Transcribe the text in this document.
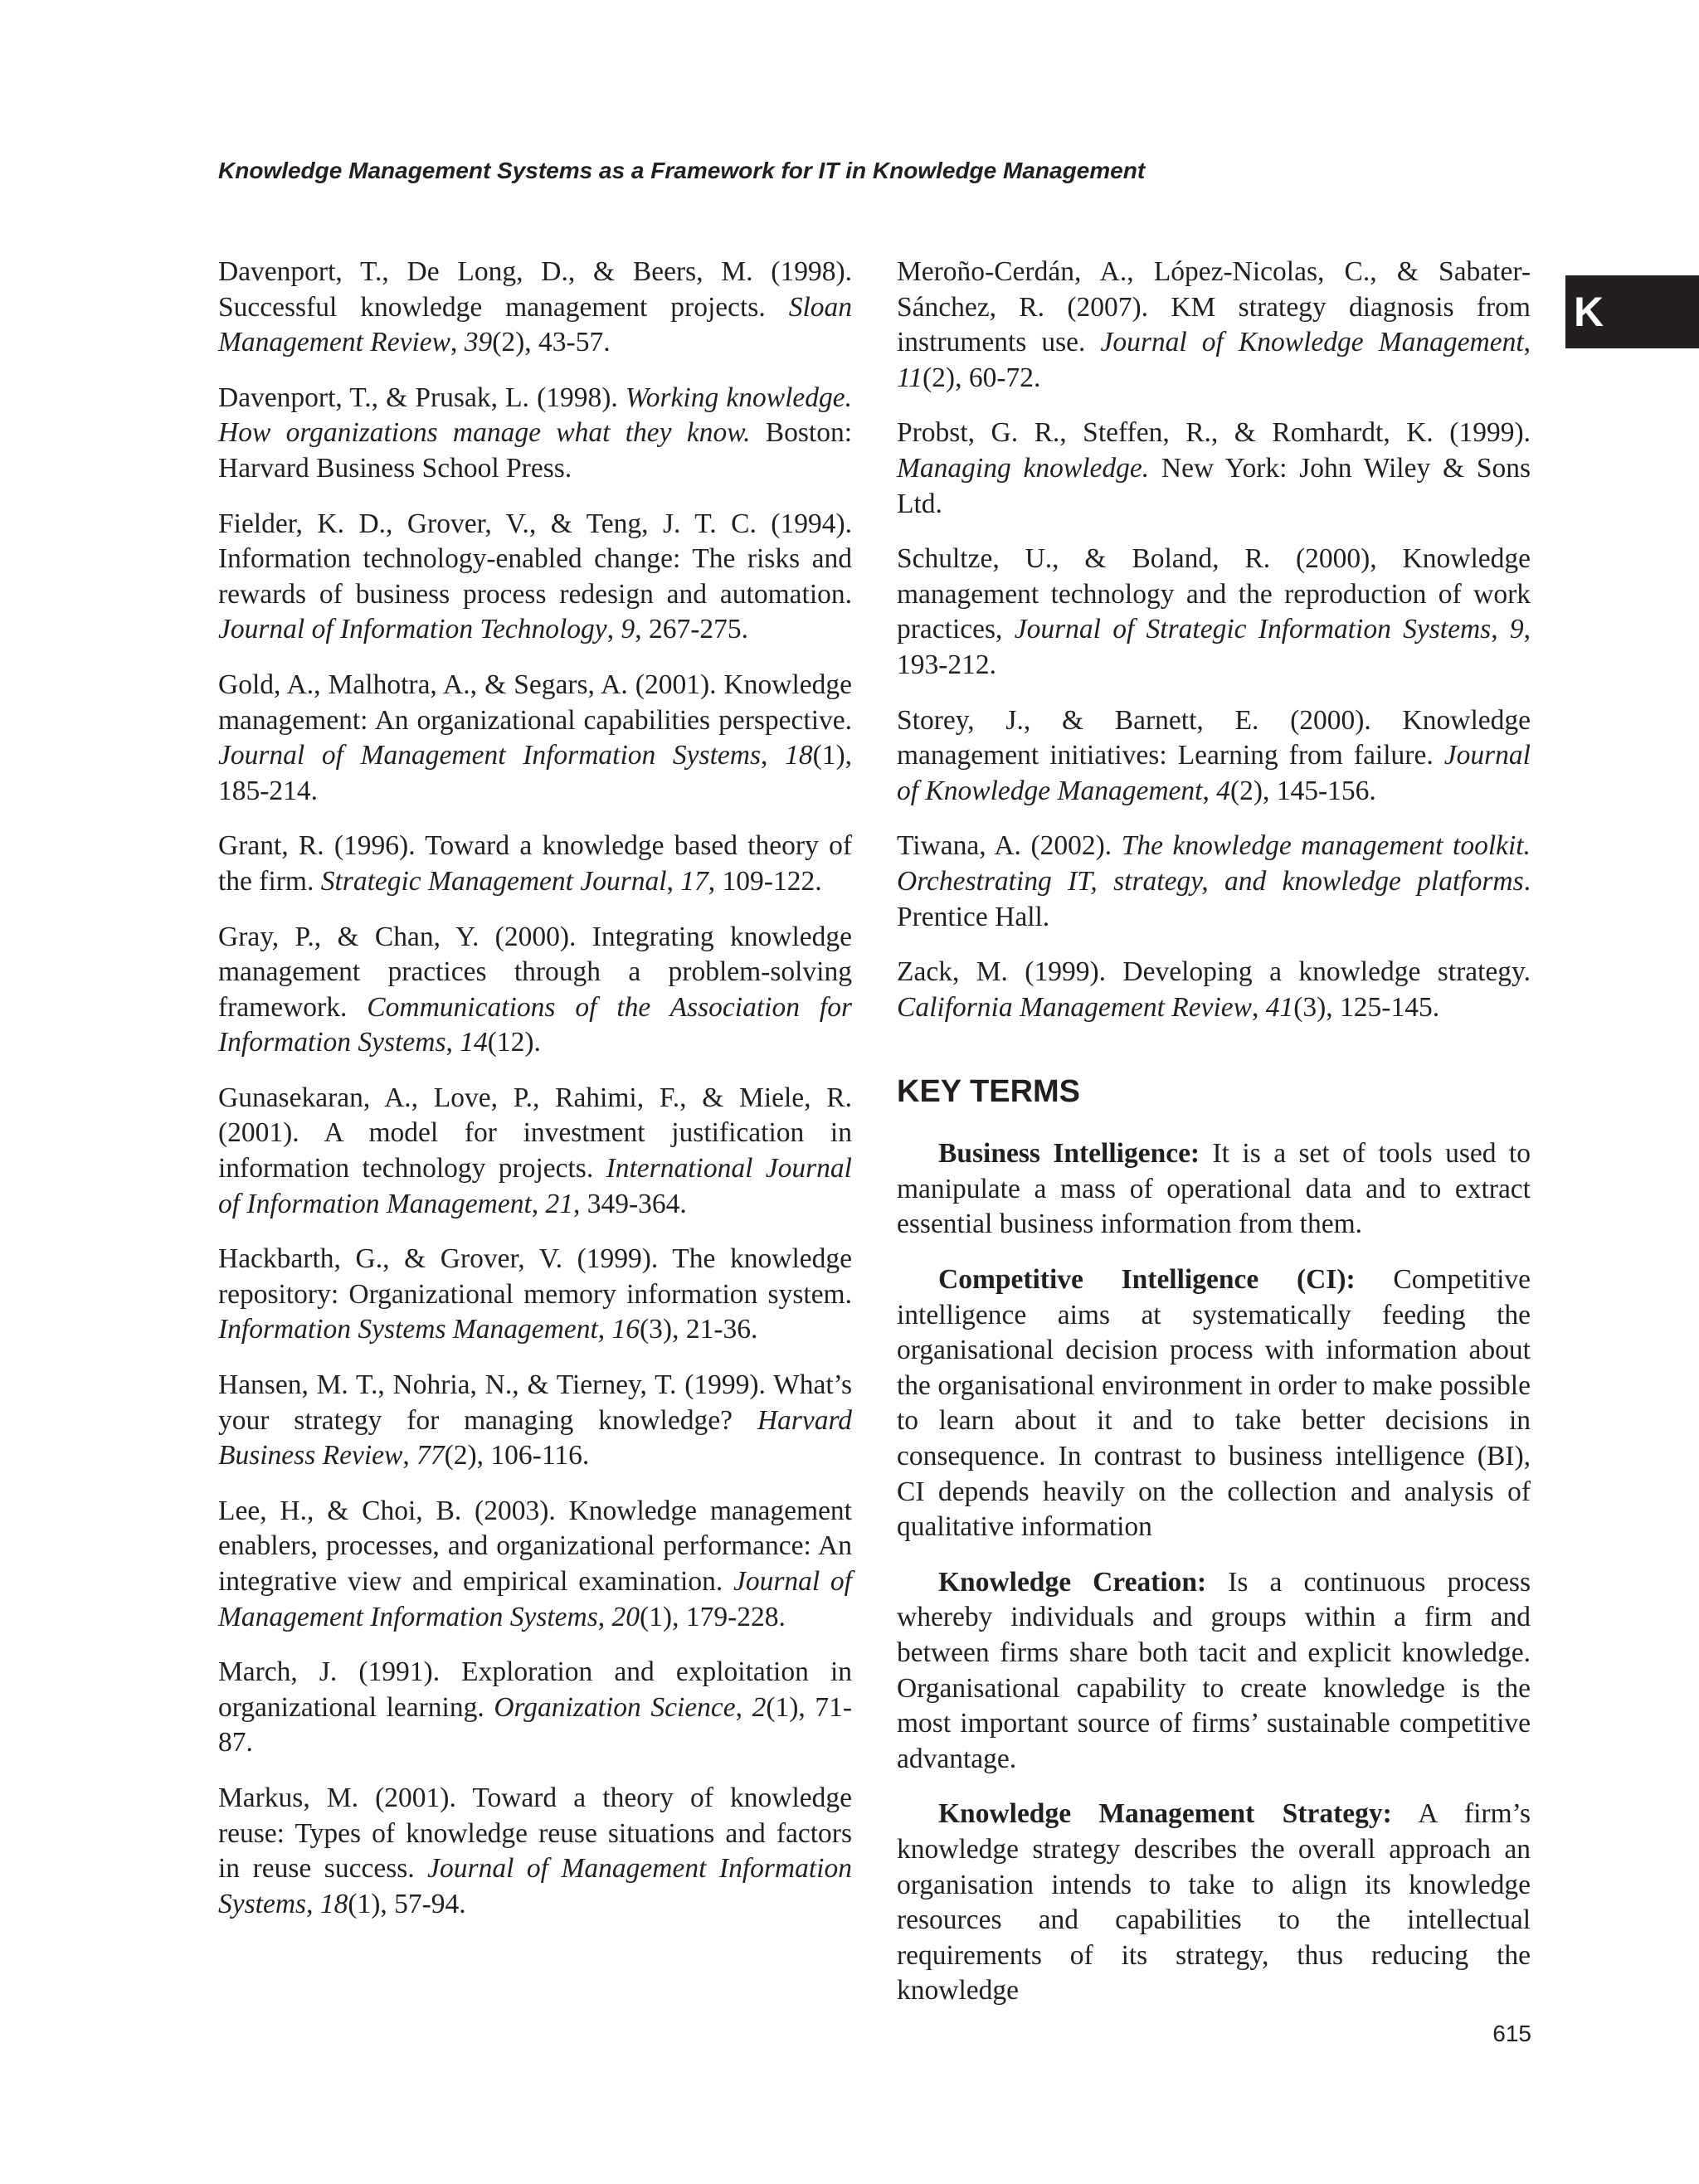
Knowledge Management Systems as a Framework for IT in Knowledge Management
K

Davenport, T., De Long, D., & Beers, M. (1998). Successful knowledge management projects. Sloan Management Review, 39(2), 43-57.

Davenport, T., & Prusak, L. (1998). Working knowledge. How organizations manage what they know. Boston: Harvard Business School Press.

Fielder, K. D., Grover, V., & Teng, J. T. C. (1994). Information technology-enabled change: The risks and rewards of business process redesign and automation. Journal of Information Technology, 9, 267-275.

Gold, A., Malhotra, A., & Segars, A. (2001). Knowledge management: An organizational capabilities perspective. Journal of Management Information Systems, 18(1), 185-214.

Grant, R. (1996). Toward a knowledge based theory of the firm. Strategic Management Journal, 17, 109-122.

Gray, P., & Chan, Y. (2000). Integrating knowledge management practices through a problem-solving framework. Communications of the Association for Information Systems, 14(12).

Gunasekaran, A., Love, P., Rahimi, F., & Miele, R. (2001). A model for investment justification in information technology projects. International Journal of Information Management, 21, 349-364.

Hackbarth, G., & Grover, V. (1999). The knowledge repository: Organizational memory information system. Information Systems Management, 16(3), 21-36.

Hansen, M. T., Nohria, N., & Tierney, T. (1999). What’s your strategy for managing knowledge? Harvard Business Review, 77(2), 106-116.

Lee, H., & Choi, B. (2003). Knowledge management enablers, processes, and organizational performance: An integrative view and empirical examination. Journal of Management Information Systems, 20(1), 179-228.

March, J. (1991). Exploration and exploitation in organizational learning. Organization Science, 2(1), 71-87.

Markus, M. (2001). Toward a theory of knowledge reuse: Types of knowledge reuse situations and factors in reuse success. Journal of Management Information Systems, 18(1), 57-94.

Meroño-Cerdán, A., López-Nicolas, C., & Sabater-Sánchez, R. (2007). KM strategy diagnosis from instruments use. Journal of Knowledge Management, 11(2), 60-72.

Probst, G. R., Steffen, R., & Romhardt, K. (1999). Managing knowledge. New York: John Wiley & Sons Ltd.

Schultze, U., & Boland, R. (2000), Knowledge management technology and the reproduction of work practices, Journal of Strategic Information Systems, 9, 193-212.

Storey, J., & Barnett, E. (2000). Knowledge management initiatives: Learning from failure. Journal of Knowledge Management, 4(2), 145-156.

Tiwana, A. (2002). The knowledge management toolkit. Orchestrating IT, strategy, and knowledge platforms. Prentice Hall.

Zack, M. (1999). Developing a knowledge strategy. California Management Review, 41(3), 125-145.

KEY TERMS

Business Intelligence: It is a set of tools used to manipulate a mass of operational data and to extract essential business information from them.

Competitive Intelligence (CI): Competitive intelligence aims at systematically feeding the organisational decision process with information about the organisational environment in order to make possible to learn about it and to take better decisions in consequence. In contrast to business intelligence (BI), CI depends heavily on the collection and analysis of qualitative information

Knowledge Creation: Is a continuous process whereby individuals and groups within a firm and between firms share both tacit and explicit knowledge. Organisational capability to create knowledge is the most important source of firms’ sustainable competitive advantage.

Knowledge Management Strategy: A firm’s knowledge strategy describes the overall approach an organisation intends to take to align its knowledge resources and capabilities to the intellectual requirements of its strategy, thus reducing the knowledge

615
